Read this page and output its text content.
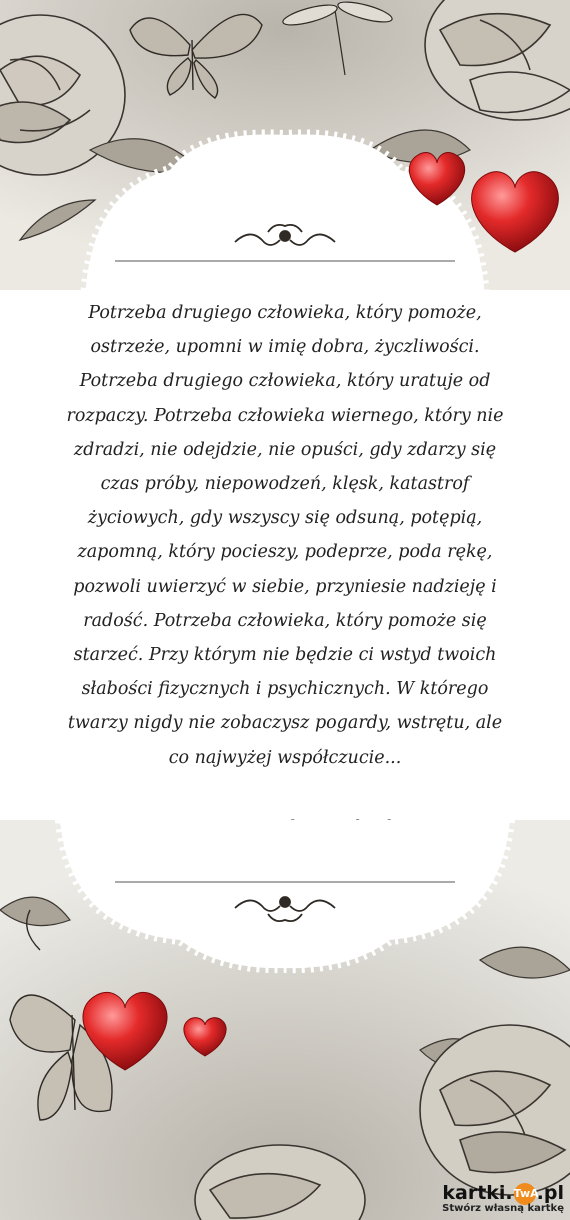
Potrzeba drugiego człowieka, który pomoże,
ostrzeże, upomni w imię dobra, życzliwości.
Potrzeba drugiego człowieka, który uratuje od
rozpaczy. Potrzeba człowieka wiernego, który nie
zdradzi, nie odejdzie, nie opuści, gdy zdarzy się
czas próby, niepowodzeń, klęsk, katastrof
życiowych, gdy wszyscy się odsuną, potępią,
zapomną, który pocieszy, podeprze, poda rękę,
pozwoli uwierzyć w siebie, przyniesie nadzieję i
radość. Potrzeba człowieka, który pomoże się
starzeć. Przy którym nie będzie ci wstyd twoich
słabości fizycznych i psychicznych. W którego
twarzy nigdy nie zobaczysz pogardy, wstrętu, ale
co najwyżej współczucie...
kartki.TwA.pl
Stwórz własną kartkę
